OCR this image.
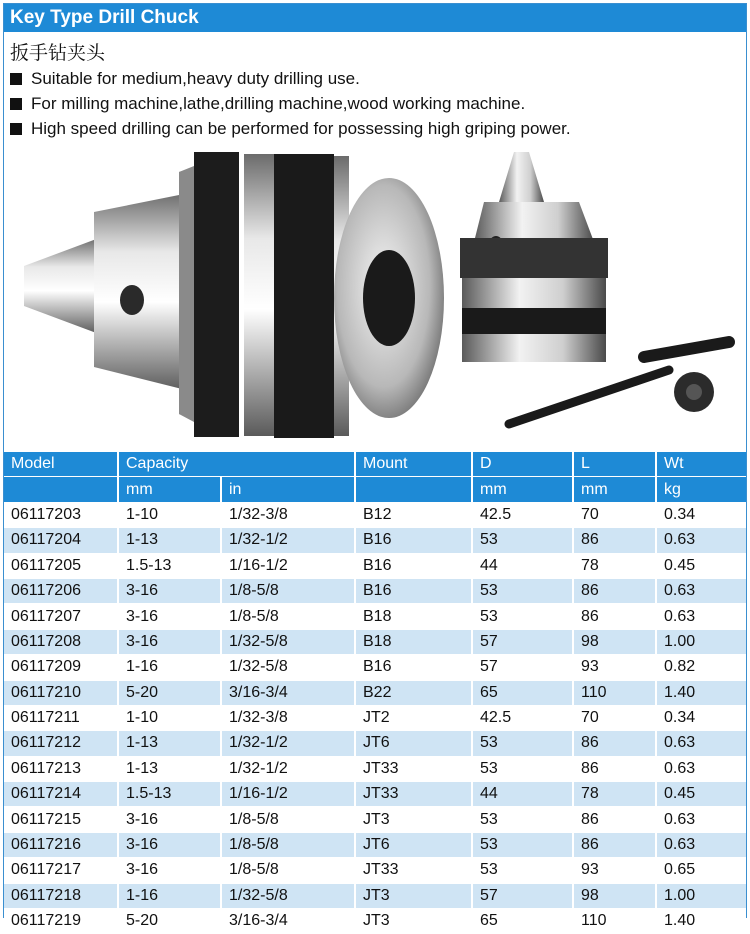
Key Type Drill Chuck
扳手钻夹头
Suitable for medium,heavy duty drilling use.
For milling machine,lathe,drilling machine,wood working machine.
High speed drilling can be performed for possessing high griping power.
Model	Capacity		Mount	D	L	Wt
	mm	in		mm	mm	kg
06117203	1-10	1/32-3/8	B12	42.5	70	0.34
06117204	1-13	1/32-1/2	B16	53	86	0.63
06117205	1.5-13	1/16-1/2	B16	44	78	0.45
06117206	3-16	1/8-5/8	B16	53	86	0.63
06117207	3-16	1/8-5/8	B18	53	86	0.63
06117208	3-16	1/32-5/8	B18	57	98	1.00
06117209	1-16	1/32-5/8	B16	57	93	0.82
06117210	5-20	3/16-3/4	B22	65	110	1.40
06117211	1-10	1/32-3/8	JT2	42.5	70	0.34
06117212	1-13	1/32-1/2	JT6	53	86	0.63
06117213	1-13	1/32-1/2	JT33	53	86	0.63
06117214	1.5-13	1/16-1/2	JT33	44	78	0.45
06117215	3-16	1/8-5/8	JT3	53	86	0.63
06117216	3-16	1/8-5/8	JT6	53	86	0.63
06117217	3-16	1/8-5/8	JT33	53	93	0.65
06117218	1-16	1/32-5/8	JT3	57	98	1.00
06117219	5-20	3/16-3/4	JT3	65	110	1.40
